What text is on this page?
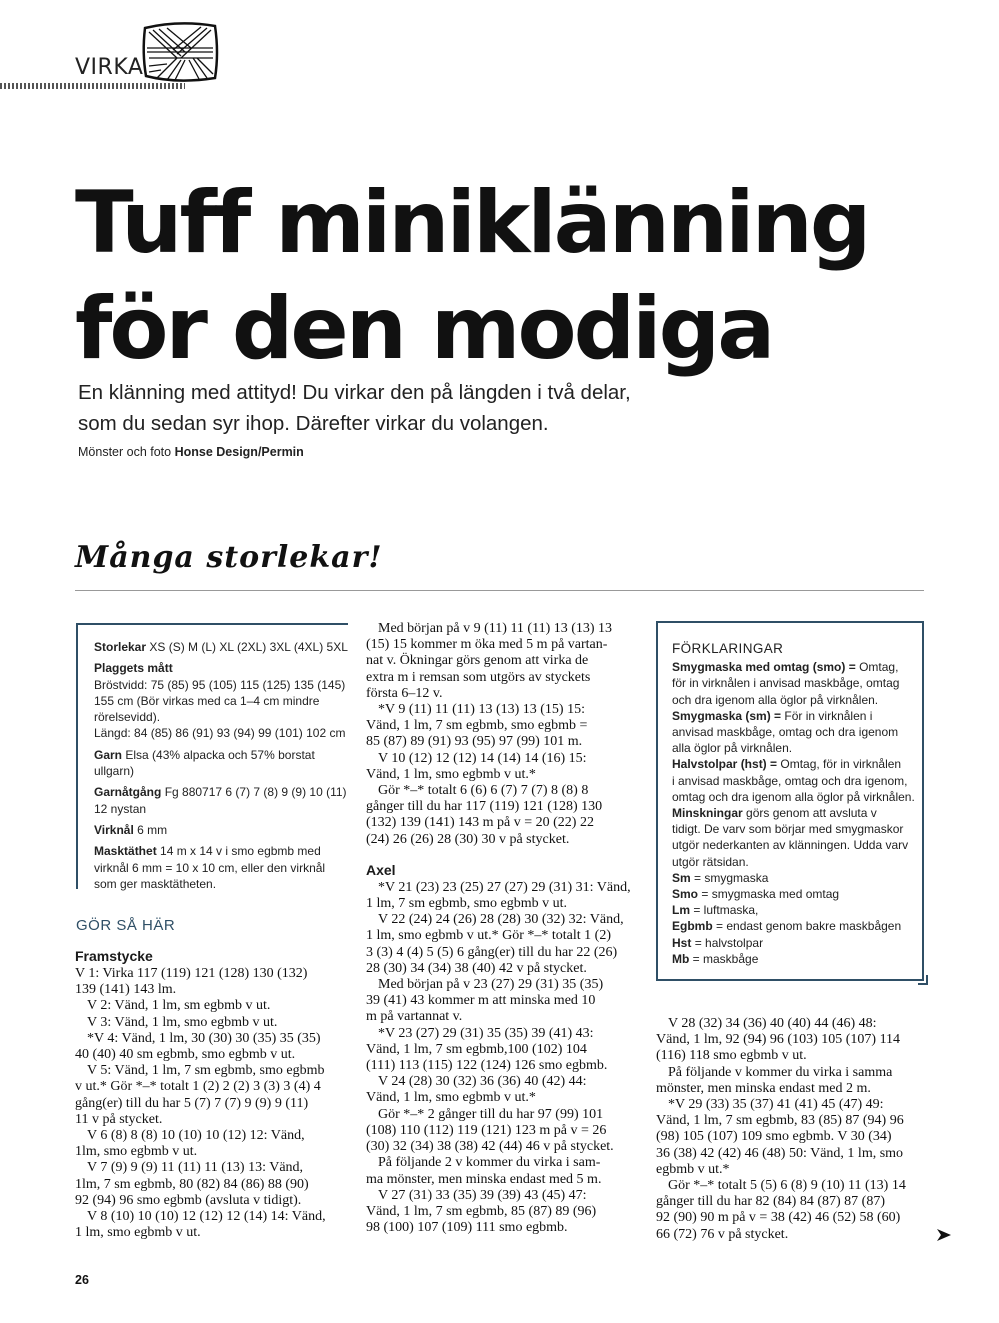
VIRKA
Tuff miniklänning
för den modiga
En klänning med attityd! Du virkar den på längden i två delar,
som du sedan syr ihop. Därefter virkar du volangen.
Mönster och foto Honse Design/Permin
Många storlekar!

Storlekar XS (S) M (L) XL (2XL) 3XL (4XL) 5XL

Plaggets mått
Bröstvidd: 75 (85) 95 (105) 115 (125) 135 (145)
155 cm (Bör virkas med ca 1–4 cm mindre
rörelsevidd).
Längd: 84 (85) 86 (91) 93 (94) 99 (101) 102 cm

Garn Elsa (43% alpacka och 57% borstat
ullgarn)

Garnåtgång Fg 880717 6 (7) 7 (8) 9 (9) 10 (11)
12 nystan

Virknål 6 mm

Masktäthet 14 m x 14 v i smo egbmb med
virknål 6 mm = 10 x 10 cm, eller den virknål
som ger masktätheten.

GÖR SÅ HÄR
Framstycke
V 1: Virka 117 (119) 121 (128) 130 (132)
139 (141) 143 lm.
V 2: Vänd, 1 lm, sm egbmb v ut.
V 3: Vänd, 1 lm, smo egbmb v ut.
*V 4: Vänd, 1 lm, 30 (30) 30 (35) 35 (35)
40 (40) 40 sm egbmb, smo egbmb v ut.
V 5: Vänd, 1 lm, 7 sm egbmb, smo egbmb
v ut.* Gör *–* totalt 1 (2) 2 (2) 3 (3) 3 (4) 4
gång(er) till du har 5 (7) 7 (7) 9 (9) 9 (11)
11 v på stycket.
V 6 (8) 8 (8) 10 (10) 10 (12) 12: Vänd,
1lm, smo egbmb v ut.
V 7 (9) 9 (9) 11 (11) 11 (13) 13: Vänd,
1lm, 7 sm egbmb, 80 (82) 84 (86) 88 (90)
92 (94) 96 smo egbmb (avsluta v tidigt).
V 8 (10) 10 (10) 12 (12) 12 (14) 14: Vänd,
1 lm, smo egbmb v ut.
Med början på v 9 (11) 11 (11) 13 (13) 13
(15) 15 kommer m öka med 5 m på vartan-
nat v. Ökningar görs genom att virka de
extra m i remsan som utgörs av styckets
första 6–12 v.
*V 9 (11) 11 (11) 13 (13) 13 (15) 15:
Vänd, 1 lm, 7 sm egbmb, smo egbmb =
85 (87) 89 (91) 93 (95) 97 (99) 101 m.
V 10 (12) 12 (12) 14 (14) 14 (16) 15:
Vänd, 1 lm, smo egbmb v ut.*
Gör *–* totalt 6 (6) 6 (7) 7 (7) 8 (8) 8
gånger till du har 117 (119) 121 (128) 130
(132) 139 (141) 143 m på v = 20 (22) 22
(24) 26 (26) 28 (30) 30 v på stycket.
Axel
*V 21 (23) 23 (25) 27 (27) 29 (31) 31: Vänd,
1 lm, 7 sm egbmb, smo egbmb v ut.
V 22 (24) 24 (26) 28 (28) 30 (32) 32: Vänd,
1 lm, smo egbmb v ut.* Gör *–* totalt 1 (2)
3 (3) 4 (4) 5 (5) 6 gång(er) till du har 22 (26)
28 (30) 34 (34) 38 (40) 42 v på stycket.
Med början på v 23 (27) 29 (31) 35 (35)
39 (41) 43 kommer m att minska med 10
m på vartannat v.
*V 23 (27) 29 (31) 35 (35) 39 (41) 43:
Vänd, 1 lm, 7 sm egbmb,100 (102) 104
(111) 113 (115) 122 (124) 126 smo egbmb.
V 24 (28) 30 (32) 36 (36) 40 (42) 44:
Vänd, 1 lm, smo egbmb v ut.*
Gör *–* 2 gånger till du har 97 (99) 101
(108) 110 (112) 119 (121) 123 m på v = 26
(30) 32 (34) 38 (38) 42 (44) 46 v på stycket.
På följande 2 v kommer du virka i sam-
ma mönster, men minska endast med 5 m.
V 27 (31) 33 (35) 39 (39) 43 (45) 47:
Vänd, 1 lm, 7 sm egbmb, 85 (87) 89 (96)
98 (100) 107 (109) 111 smo egbmb.
FÖRKLARINGAR
Smygmaska med omtag (smo) = Omtag,
för in virknålen i anvisad maskbåge, omtag
och dra igenom alla öglor på virknålen.
Smygmaska (sm) = För in virknålen i
anvisad maskbåge, omtag och dra igenom
alla öglor på virknålen.
Halvstolpar (hst) = Omtag, för in virknålen
i anvisad maskbåge, omtag och dra igenom,
omtag och dra igenom alla öglor på virknålen.
Minskningar görs genom att avsluta v
tidigt. De varv som börjar med smygmaskor
utgör nederkanten av klänningen. Udda varv
utgör rätsidan.
Sm = smygmaska
Smo = smygmaska med omtag
Lm = luftmaska,
Egbmb = endast genom bakre maskbågen
Hst = halvstolpar
Mb = maskbåge
V 28 (32) 34 (36) 40 (40) 44 (46) 48:
Vänd, 1 lm, 92 (94) 96 (103) 105 (107) 114
(116) 118 smo egbmb v ut.
På följande v kommer du virka i samma
mönster, men minska endast med 2 m.
*V 29 (33) 35 (37) 41 (41) 45 (47) 49:
Vänd, 1 lm, 7 sm egbmb, 83 (85) 87 (94) 96
(98) 105 (107) 109 smo egbmb. V 30 (34)
36 (38) 42 (42) 46 (48) 50: Vänd, 1 lm, smo
egbmb v ut.*
Gör *–* totalt 5 (5) 6 (8) 9 (10) 11 (13) 14
gånger till du har 82 (84) 84 (87) 87 (87)
92 (90) 90 m på v = 38 (42) 46 (52) 58 (60)
66 (72) 76 v på stycket.
26
